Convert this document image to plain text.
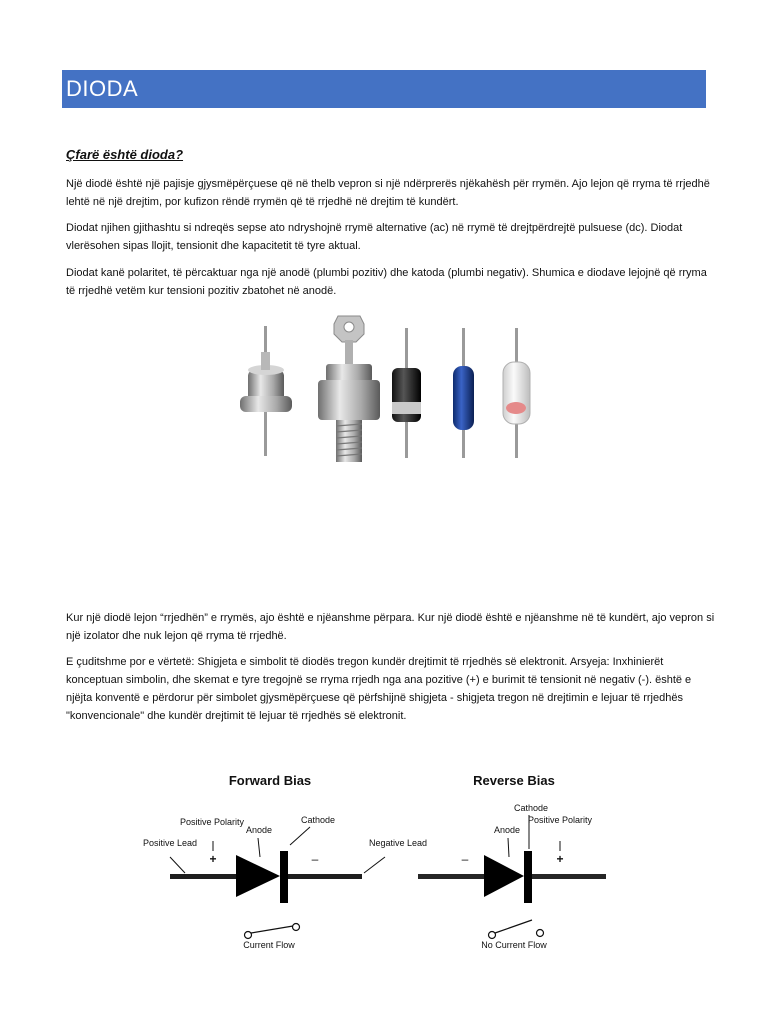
DIODA
Çfarë është dioda?
Një diodë është një pajisje gjysmëpërçuese që në thelb vepron si një ndërprerës njëkahësh për rrymën. Ajo lejon që rryma të rrjedhë lehtë në një drejtim, por kufizon rëndë rrymën që të rrjedhë në drejtim të kundërt.
Diodat njihen gjithashtu si ndreqës sepse ato ndryshojnë rrymë alternative (ac) në rrymë të drejtpërdrejtë pulsuese (dc). Diodat vlerësohen sipas llojit, tensionit dhe kapacitetit të tyre aktual.
Diodat kanë polaritet, të përcaktuar nga një anodë (plumbi pozitiv) dhe katoda (plumbi negativ). Shumica e diodave lejojnë që rryma të rrjedhë vetëm kur tensioni pozitiv zbatohet në anodë.
Kur një diodë lejon “rrjedhën” e rrymës, ajo është e njëanshme përpara. Kur një diodë është e njëanshme në të kundërt, ajo vepron si një izolator dhe nuk lejon që rryma të rrjedhë.
E çuditshme por e vërtetë: Shigjeta e simbolit të diodës tregon kundër drejtimit të rrjedhës së elektronit. Arsyeja: Inxhinierët konceptuan simbolin, dhe skemat e tyre tregojnë se rryma rrjedh nga ana pozitive (+) e burimit të tensionit në negativ (-). është e njëjta konventë e përdorur për simbolet gjysmëpërçuese që përfshijnë shigjeta - shigjeta tregon në drejtimin e lejuar të rrjedhës "konvencionale" dhe kundër drejtimit të lejuar të rrjedhës së elektronit.
Forward Bias
Positive Polarity
Anode
Cathode
Positive Lead	Negative Lead
+	–
Current Flow
Reverse Bias
Cathode
Anode
Positive Polarity
–	+
No Current Flow
